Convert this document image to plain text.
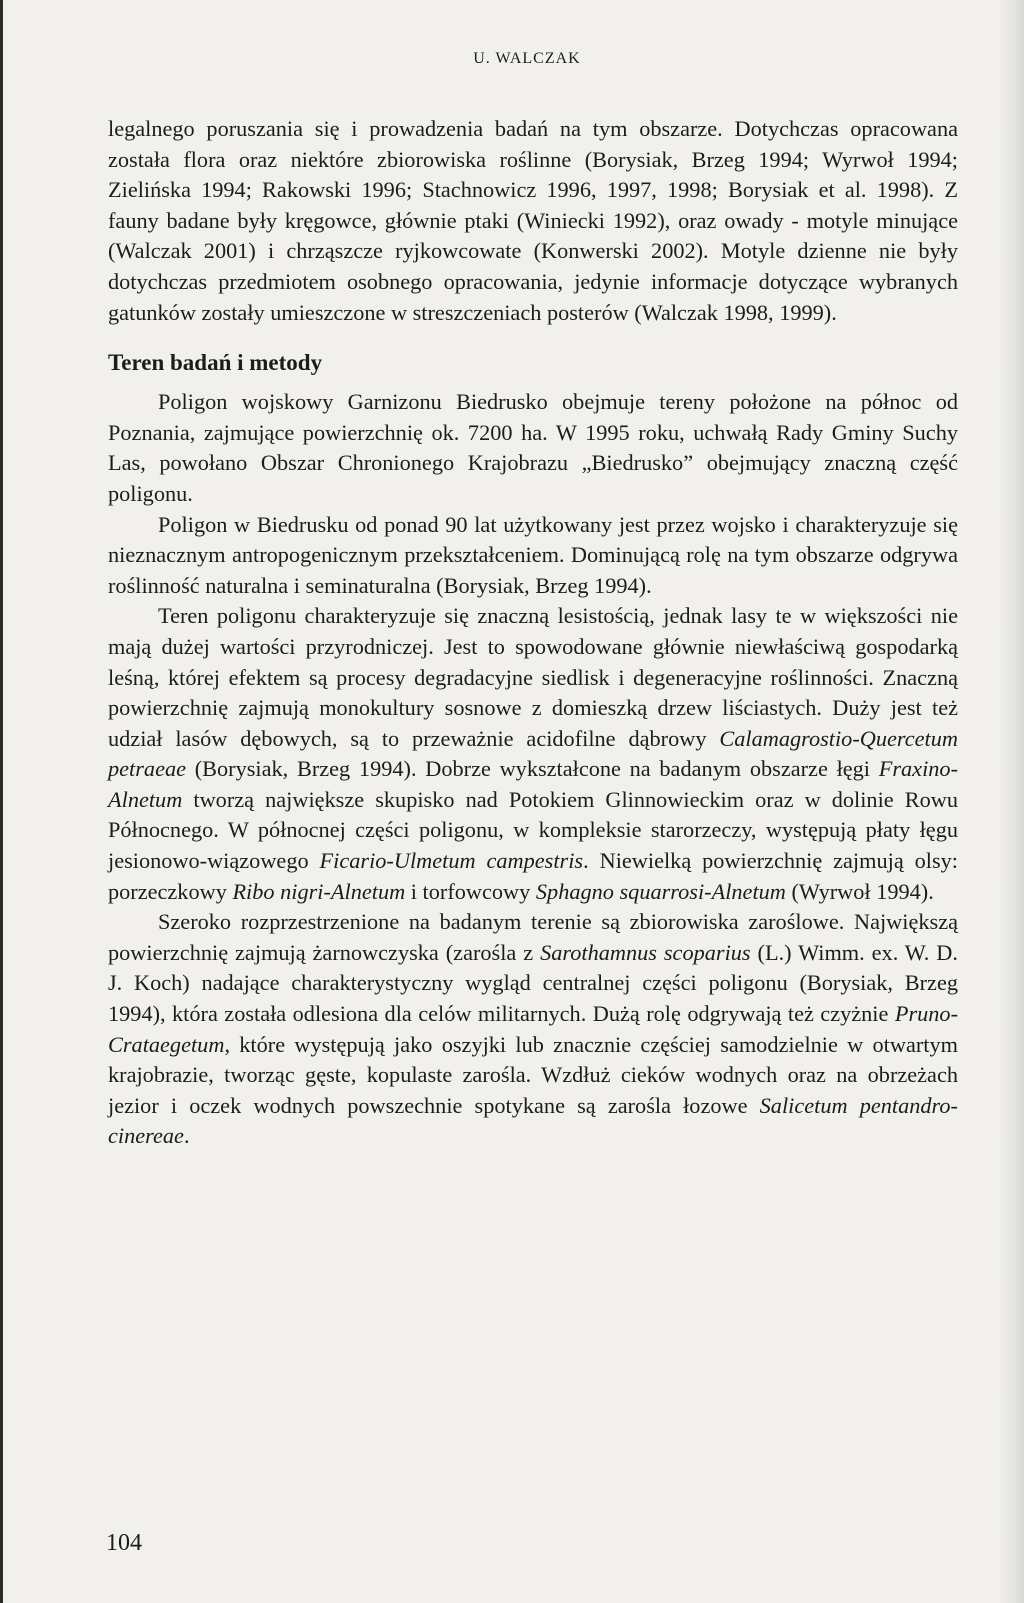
U. WALCZAK

legalnego poruszania się i prowadzenia badań na tym obszarze. Dotychczas opracowana została flora oraz niektóre zbiorowiska roślinne (Borysiak, Brzeg 1994; Wyrwoł 1994; Zielińska 1994; Rakowski 1996; Stachnowicz 1996, 1997, 1998; Borysiak et al. 1998). Z fauny badane były kręgowce, głównie ptaki (Winiecki 1992), oraz owady - motyle minujące (Walczak 2001) i chrząszcze ryjkowcowate (Konwerski 2002). Motyle dzienne nie były dotychczas przedmiotem osobnego opracowania, jedynie informacje dotyczące wybranych gatunków zostały umieszczone w streszczeniach posterów (Walczak 1998, 1999).

Teren badań i metody

Poligon wojskowy Garnizonu Biedrusko obejmuje tereny położone na północ od Poznania, zajmujące powierzchnię ok. 7200 ha. W 1995 roku, uchwałą Rady Gminy Suchy Las, powołano Obszar Chronionego Krajobrazu „Biedrusko” obejmujący znaczną część poligonu.

Poligon w Biedrusku od ponad 90 lat użytkowany jest przez wojsko i charakteryzuje się nieznacznym antropogenicznym przekształceniem. Dominującą rolę na tym obszarze odgrywa roślinność naturalna i seminaturalna (Borysiak, Brzeg 1994).

Teren poligonu charakteryzuje się znaczną lesistością, jednak lasy te w większości nie mają dużej wartości przyrodniczej. Jest to spowodowane głównie niewłaściwą gospodarką leśną, której efektem są procesy degradacyjne siedlisk i degeneracyjne roślinności. Znaczną powierzchnię zajmują monokultury sosnowe z domieszką drzew liściastych. Duży jest też udział lasów dębowych, są to przeważnie acidofilne dąbrowy Calamagrostio-Quercetum petraeae (Borysiak, Brzeg 1994). Dobrze wykształcone na badanym obszarze łęgi Fraxino-Alnetum tworzą największe skupisko nad Potokiem Glinnowieckim oraz w dolinie Rowu Północnego. W północnej części poligonu, w kompleksie starorzeczy, występują płaty łęgu jesionowo-wiązowego Ficario-Ulmetum campestris. Niewielką powierzchnię zajmują olsy: porzeczkowy Ribo nigri-Alnetum i torfowcowy Sphagno squarrosi-Alnetum (Wyrwoł 1994).

Szeroko rozprzestrzenione na badanym terenie są zbiorowiska zaroślowe. Największą powierzchnię zajmują żarnowczyska (zarośla z Sarothamnus scoparius (L.) Wimm. ex. W. D. J. Koch) nadające charakterystyczny wygląd centralnej części poligonu (Borysiak, Brzeg 1994), która została odlesiona dla celów militarnych. Dużą rolę odgrywają też czyżnie Pruno-Crataegetum, które występują jako oszyjki lub znacznie częściej samodzielnie w otwartym krajobrazie, tworząc gęste, kopulaste zarośla. Wzdłuż cieków wodnych oraz na obrzeżach jezior i oczek wodnych powszechnie spotykane są zarośla łozowe Salicetum pentandro-cinereae.

104
